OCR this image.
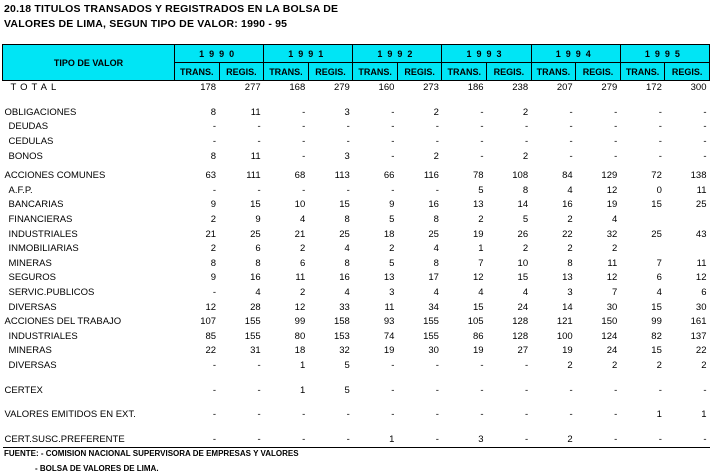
20.18 TITULOS TRANSADOS Y REGISTRADOS EN LA BOLSA DE
VALORES DE LIMA, SEGUN TIPO DE VALOR: 1990 - 95
TIPO DE VALOR	1990		1991		1992		1993		1994		1995	
	TRANS.	REGIS.	TRANS.	REGIS.	TRANS.	REGIS.	TRANS.	REGIS.	TRANS.	REGIS.	TRANS.	REGIS.
TOTAL	178	277	168	279	160	273	186	238	207	279	172	300

OBLIGACIONES	8	11	-	3	-	2	-	2	-	-	-	-
DEUDAS	-	-	-	-	-	-	-	-	-	-	-	-
CEDULAS	-	-	-	-	-	-	-	-	-	-	-	-
BONOS	8	11	-	3	-	2	-	2	-	-	-	-

ACCIONES COMUNES	63	111	68	113	66	116	78	108	84	129	72	138
A.F.P.	-	-	-	-	-	-	5	8	4	12	0	11
BANCARIAS	9	15	10	15	9	16	13	14	16	19	15	25
FINANCIERAS	2	9	4	8	5	8	2	5	2	4		
INDUSTRIALES	21	25	21	25	18	25	19	26	22	32	25	43
INMOBILIARIAS	2	6	2	4	2	4	1	2	2	2		
MINERAS	8	8	6	8	5	8	7	10	8	11	7	11
SEGUROS	9	16	11	16	13	17	12	15	13	12	6	12
SERVIC.PUBLICOS	-	4	2	4	3	4	4	4	3	7	4	6
DIVERSAS	12	28	12	33	11	34	15	24	14	30	15	30
ACCIONES DEL TRABAJO	107	155	99	158	93	155	105	128	121	150	99	161
INDUSTRIALES	85	155	80	153	74	155	86	128	100	124	82	137
MINERAS	22	31	18	32	19	30	19	27	19	24	15	22
DIVERSAS	-	-	1	5	-	-	-	-	2	2	2	2

CERTEX	-	-	1	5	-	-	-	-	-	-	-	-

VALORES EMITIDOS EN EXT.	-	-	-	-	-	-	-	-	-	-	1	1

CERT.SUSC.PREFERENTE	-	-	-	-	1	-	3	-	2	-	-	-
FUENTE: - COMISION NACIONAL SUPERVISORA DE EMPRESAS Y VALORES
- BOLSA DE VALORES DE LIMA.
